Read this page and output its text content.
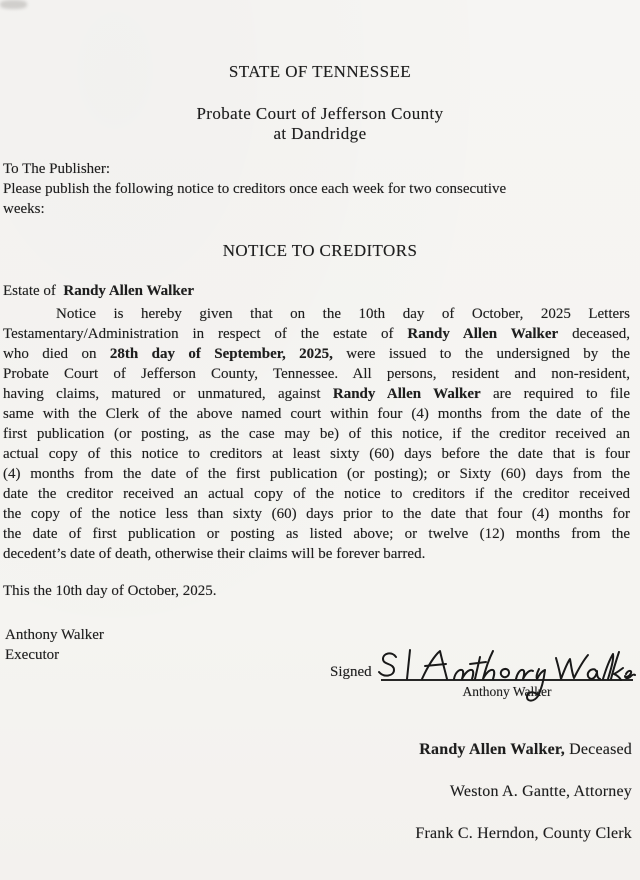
STATE OF TENNESSEE
Probate Court of Jefferson County
at Dandridge
To The Publisher:
Please publish the following notice to creditors once each week for two consecutive
weeks:
NOTICE TO CREDITORS
Estate of  Randy Allen Walker
Notice is hereby given that on the 10th day of October, 2025 Letters
Testamentary/Administration in respect of the estate of Randy Allen Walker deceased,
who died on 28th day of September, 2025, were issued to the undersigned by the
Probate Court of Jefferson County, Tennessee. All persons, resident and non-resident,
having claims, matured or unmatured, against Randy Allen Walker are required to file
same with the Clerk of the above named court within four (4) months from the date of the
first publication (or posting, as the case may be) of this notice, if the creditor received an
actual copy of this notice to creditors at least sixty (60) days before the date that is four
(4) months from the date of the first publication (or posting); or Sixty (60) days from the
date the creditor received an actual copy of the notice to creditors if the creditor received
the copy of the notice less than sixty (60) days prior to the date that four (4) months for
the date of first publication or posting as listed above; or twelve (12) months from the
decedent’s date of death, otherwise their claims will be forever barred.
This the 10th day of October, 2025.
Anthony Walker
Executor
Signed
Anthony Walker
Randy Allen Walker, Deceased
Weston A. Gantte, Attorney
Frank C. Herndon, County Clerk
